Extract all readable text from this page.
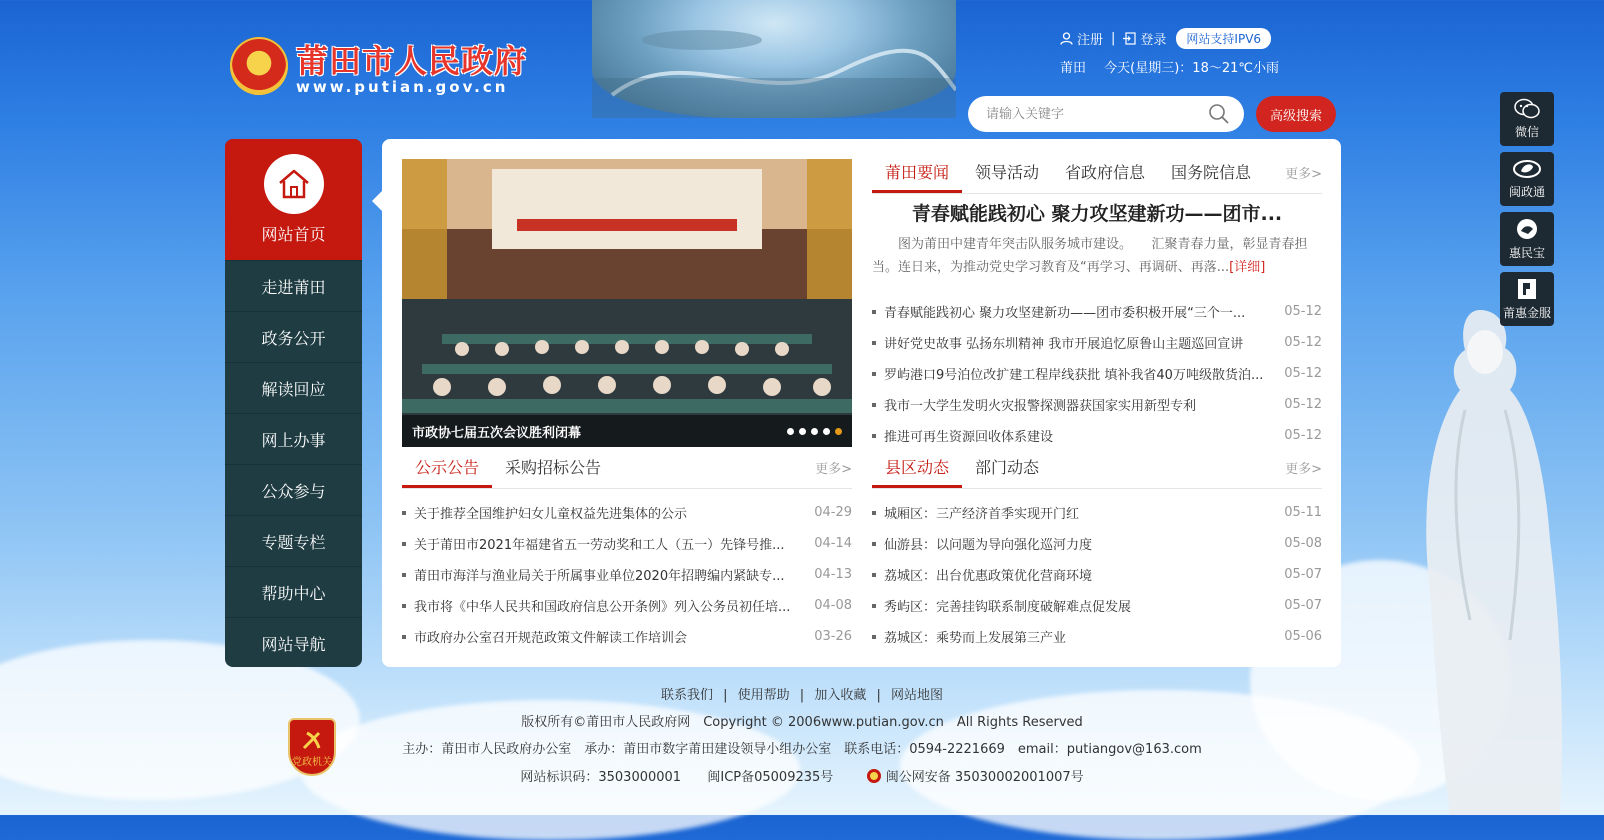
莆田市人民政府
www.putian.gov.cn
注册 | 登录	网站支持IPV6
莆田 今天(星期三)：18～21℃小雨
请输入关键字
高级搜索
网站首页
走进莆田
政务公开
解读回应
网上办事
公众参与
专题专栏
帮助中心
网站导航
市政协七届五次会议胜利闭幕
莆田要闻	领导活动	省政府信息	国务院信息	更多>
青春赋能践初心 聚力攻坚建新功——团市...
图为莆田中建青年突击队服务城市建设。　　汇聚青春力量，彰显青春担当。连日来，为推动党史学习教育及“再学习、再调研、再落...[详细]
青春赋能践初心 聚力攻坚建新功——团市委积极开展“三个一...	05-12
讲好党史故事 弘扬东圳精神 我市开展追忆原鲁山主题巡回宣讲	05-12
罗屿港口9号泊位改扩建工程岸线获批 填补我省40万吨级散货泊...	05-12
我市一大学生发明火灾报警探测器获国家实用新型专利	05-12
推进可再生资源回收体系建设	05-12
公示公告	采购招标公告	更多>
关于推荐全国维护妇女儿童权益先进集体的公示	04-29
关于莆田市2021年福建省五一劳动奖和工人（五一）先锋号推...	04-14
莆田市海洋与渔业局关于所属事业单位2020年招聘编内紧缺专...	04-13
我市将《中华人民共和国政府信息公开条例》列入公务员初任培...	04-08
市政府办公室召开规范政策文件解读工作培训会	03-26
县区动态	部门动态	更多>
城厢区：三产经济首季实现开门红	05-11
仙游县：以问题为导向强化巡河力度	05-08
荔城区：出台优惠政策优化营商环境	05-07
秀屿区：完善挂钩联系制度破解难点促发展	05-07
荔城区：乘势而上发展第三产业	05-06
微信
闽政通
惠民宝
莆惠金服
联系我们 | 使用帮助 | 加入收藏 | 网站地图
版权所有©莆田市人民政府网　Copyright © 2006www.putian.gov.cn　All Rights Reserved
主办：莆田市人民政府办公室　承办：莆田市数字莆田建设领导小组办公室　联系电话：0594-2221669　email：putiangov@163.com
网站标识码：3503000001 闽ICP备05009235号	闽公网安备 35030002001007号
党政机关
